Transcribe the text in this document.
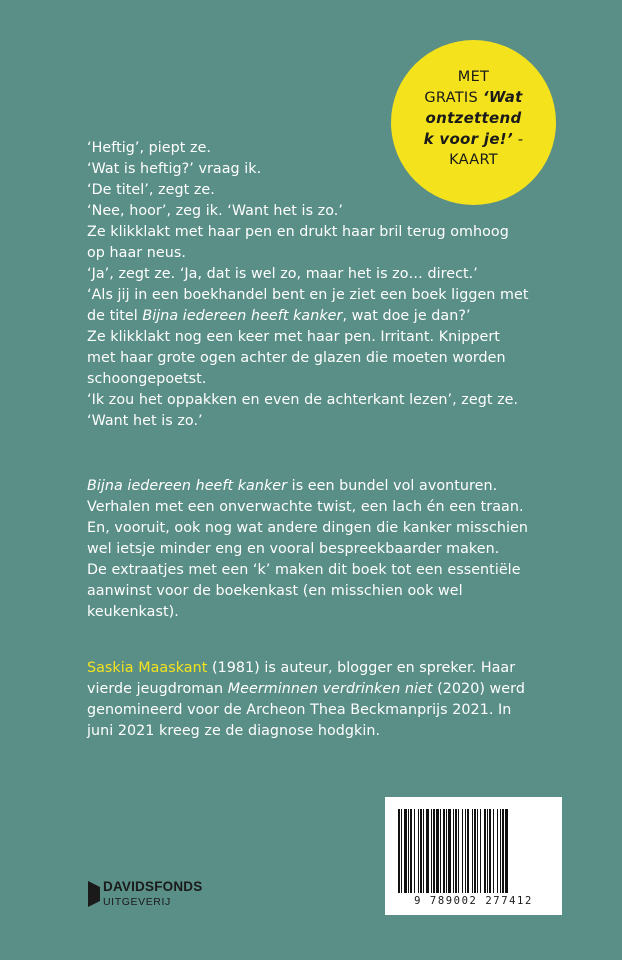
MET
GRATIS ‘Wat
ontzettend
k voor je!’ -
KAART

‘Heftig’, piept ze.

‘Wat is heftig?’ vraag ik.

‘De titel’, zegt ze.

‘Nee, hoor’, zeg ik. ‘Want het is zo.’

Ze klikklakt met haar pen en drukt haar bril terug omhoog

op haar neus.

‘Ja’, zegt ze. ‘Ja, dat is wel zo, maar het is zo… direct.’

‘Als jij in een boekhandel bent en je ziet een boek liggen met

de titel Bijna iedereen heeft kanker, wat doe je dan?’

Ze klikklakt nog een keer met haar pen. Irritant. Knippert

met haar grote ogen achter de glazen die moeten worden

schoongepoetst.

‘Ik zou het oppakken en even de achterkant lezen’, zegt ze.

‘Want het is zo.’

Bijna iedereen heeft kanker is een bundel vol avonturen.

Verhalen met een onverwachte twist, een lach én een traan.

En, vooruit, ook nog wat andere dingen die kanker misschien

wel ietsje minder eng en vooral bespreekbaarder maken.

De extraatjes met een ‘k’ maken dit boek tot een essentiële

aanwinst voor de boekenkast (en misschien ook wel

keukenkast).

Saskia Maaskant (1981) is auteur, blogger en spreker. Haar

vierde jeugdroman Meerminnen verdrinken niet (2020) werd

genomineerd voor de Archeon Thea Beckmanprijs 2021. In

juni 2021 kreeg ze de diagnose hodgkin.

DAVIDSFONDS
UITGEVERIJ	9 789002 277412
